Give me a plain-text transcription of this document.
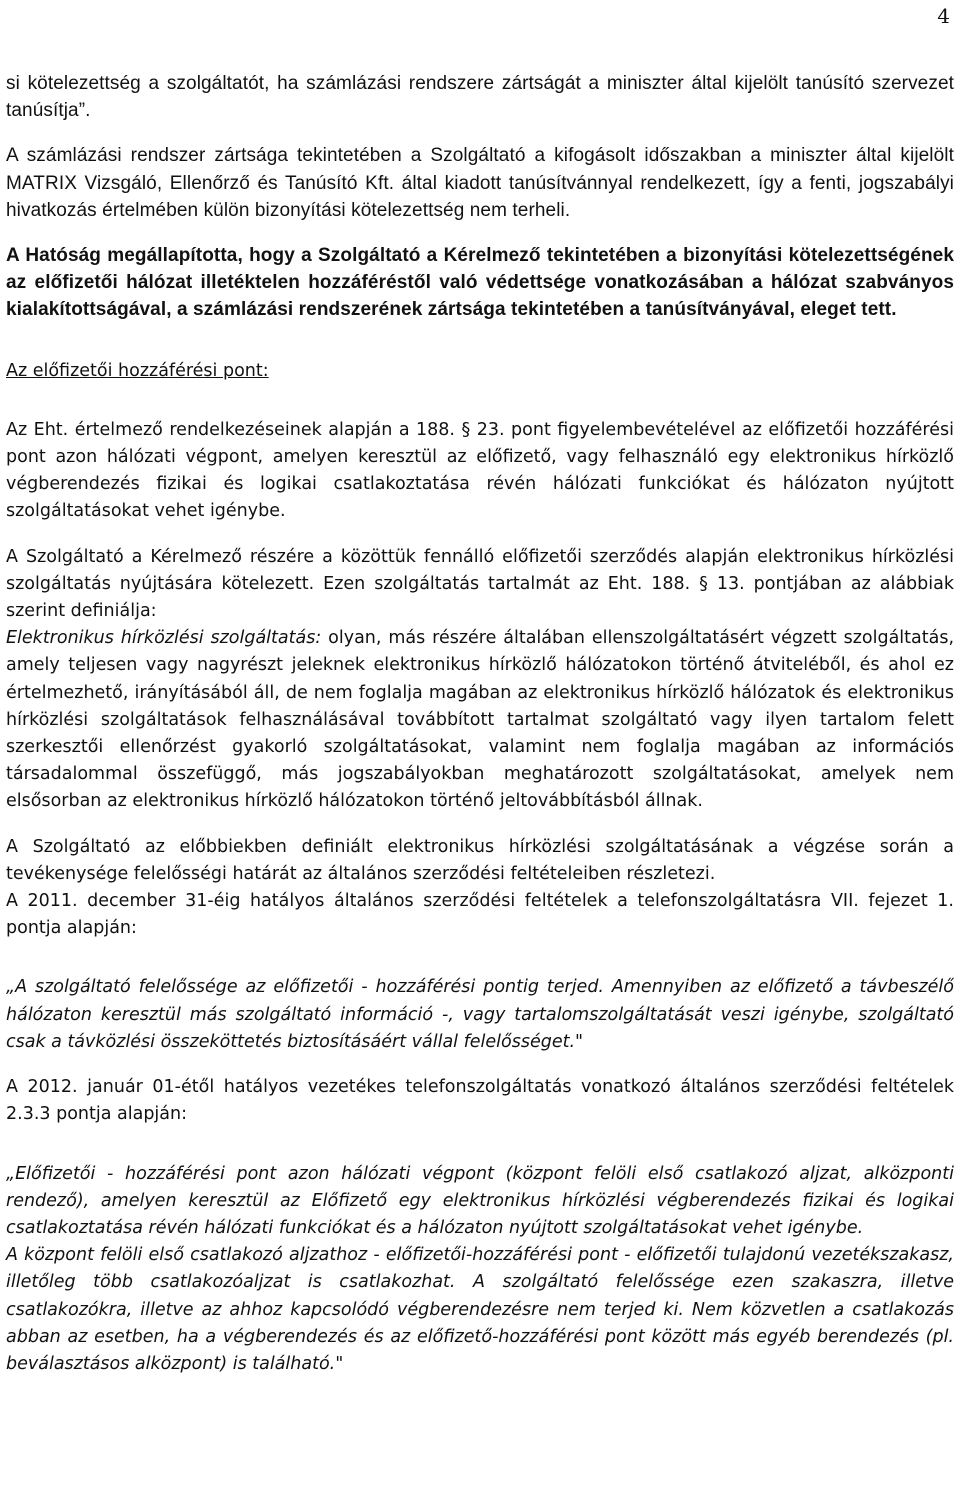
4

si kötelezettség a szolgáltatót, ha számlázási rendszere zártságát a miniszter által kijelölt tanúsító szervezet tanúsítja”.

A számlázási rendszer zártsága tekintetében a Szolgáltató a kifogásolt időszakban a miniszter által kijelölt MATRIX Vizsgáló, Ellenőrző és Tanúsító Kft. által kiadott tanúsítvánnyal rendelkezett, így a fenti, jogszabályi hivatkozás értelmében külön bizonyítási kötelezettség nem terheli.

A Hatóság megállapította, hogy a Szolgáltató a Kérelmező tekintetében a bizonyítási kötelezettségének az előfizetői hálózat illetéktelen hozzáféréstől való védettsége vonatkozásában a hálózat szabványos kialakítottságával, a számlázási rendszerének zártsága tekintetében a tanúsítványával, eleget tett.

Az előfizetői hozzáférési pont:

Az Eht. értelmező rendelkezéseinek alapján a 188. § 23. pont figyelembevételével az előfizetői hozzáférési pont azon hálózati végpont, amelyen keresztül az előfizető, vagy felhasználó egy elektronikus hírközlő végberendezés fizikai és logikai csatlakoztatása révén hálózati funkciókat és hálózaton nyújtott szolgáltatásokat vehet igénybe.

A Szolgáltató a Kérelmező részére a közöttük fennálló előfizetői szerződés alapján elektronikus hírközlési szolgáltatás nyújtására kötelezett. Ezen szolgáltatás tartalmát az Eht. 188. § 13. pontjában az alábbiak szerint definiálja:

Elektronikus hírközlési szolgáltatás: olyan, más részére általában ellenszolgáltatásért végzett szolgáltatás, amely teljesen vagy nagyrészt jeleknek elektronikus hírközlő hálózatokon történő átviteléből, és ahol ez értelmezhető, irányításából áll, de nem foglalja magában az elektronikus hírközlő hálózatok és elektronikus hírközlési szolgáltatások felhasználásával továbbított tartalmat szolgáltató vagy ilyen tartalom felett szerkesztői ellenőrzést gyakorló szolgáltatásokat, valamint nem foglalja magában az információs társadalommal összefüggő, más jogszabályokban meghatározott szolgáltatásokat, amelyek nem elsősorban az elektronikus hírközlő hálózatokon történő jeltovábbításból állnak.

A Szolgáltató az előbbiekben definiált elektronikus hírközlési szolgáltatásának a végzése során a tevékenysége felelősségi határát az általános szerződési feltételeiben részletezi.

A 2011. december 31-éig hatályos általános szerződési feltételek a telefonszolgáltatásra VII. fejezet 1. pontja alapján:

„A szolgáltató felelőssége az előfizetői - hozzáférési pontig terjed. Amennyiben az előfizető a távbeszélő hálózaton keresztül más szolgáltató információ -, vagy tartalomszolgáltatását veszi igénybe, szolgáltató csak a távközlési összeköttetés biztosításáért vállal felelősséget."

A 2012. január 01-étől hatályos vezetékes telefonszolgáltatás vonatkozó általános szerződési feltételek 2.3.3 pontja alapján:

„Előfizetői - hozzáférési pont azon hálózati végpont (központ felöli első csatlakozó aljzat, alközponti rendező), amelyen keresztül az Előfizető egy elektronikus hírközlési végberendezés fizikai és logikai csatlakoztatása révén hálózati funkciókat és a hálózaton nyújtott szolgáltatásokat vehet igénybe.

A központ felöli első csatlakozó aljzathoz - előfizetői-hozzáférési pont - előfizetői tulajdonú vezetékszakasz, illetőleg több csatlakozóaljzat is csatlakozhat. A szolgáltató felelőssége ezen szakaszra, illetve csatlakozókra, illetve az ahhoz kapcsolódó végberendezésre nem terjed ki. Nem közvetlen a csatlakozás abban az esetben, ha a végberendezés és az előfizető-hozzáférési pont között más egyéb berendezés (pl. beválasztásos alközpont) is található."
